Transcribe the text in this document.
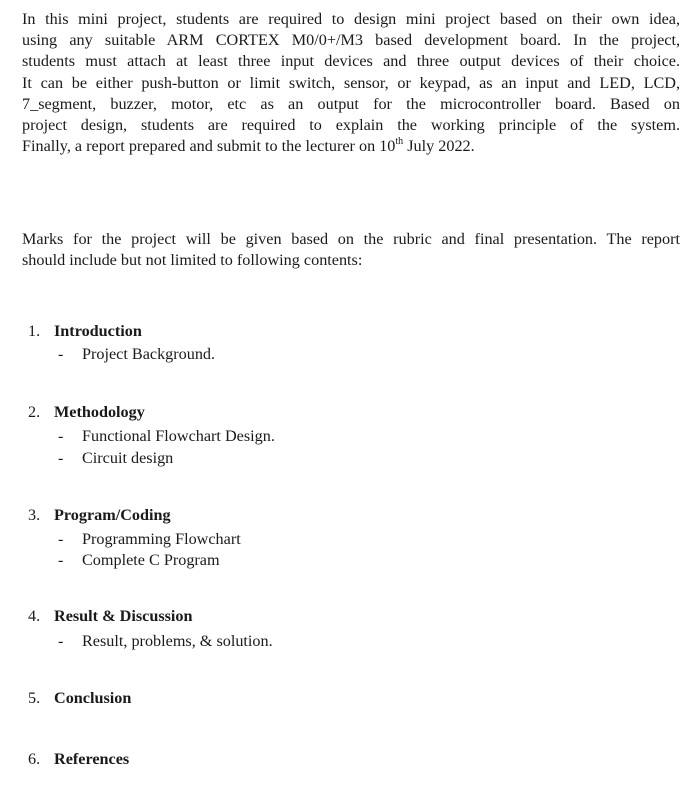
In this mini project, students are required to design mini project based on their own idea,
using any suitable ARM CORTEX M0/0+/M3 based development board. In the project,
students must attach at least three input devices and three output devices of their choice.
It can be either push-button or limit switch, sensor, or keypad, as an input and LED, LCD,
7_segment, buzzer, motor, etc as an output for the microcontroller board. Based on
project design, students are required to explain the working principle of the system.
Finally, a report prepared and submit to the lecturer on 10th July 2022.

Marks for the project will be given based on the rubric and final presentation. The report
should include but not limited to following contents:

1. Introduction
- Project Background.
2. Methodology
- Functional Flowchart Design.
- Circuit design
3. Program/Coding
- Programming Flowchart
- Complete C Program
4. Result & Discussion
- Result, problems, & solution.
5. Conclusion
6. References
